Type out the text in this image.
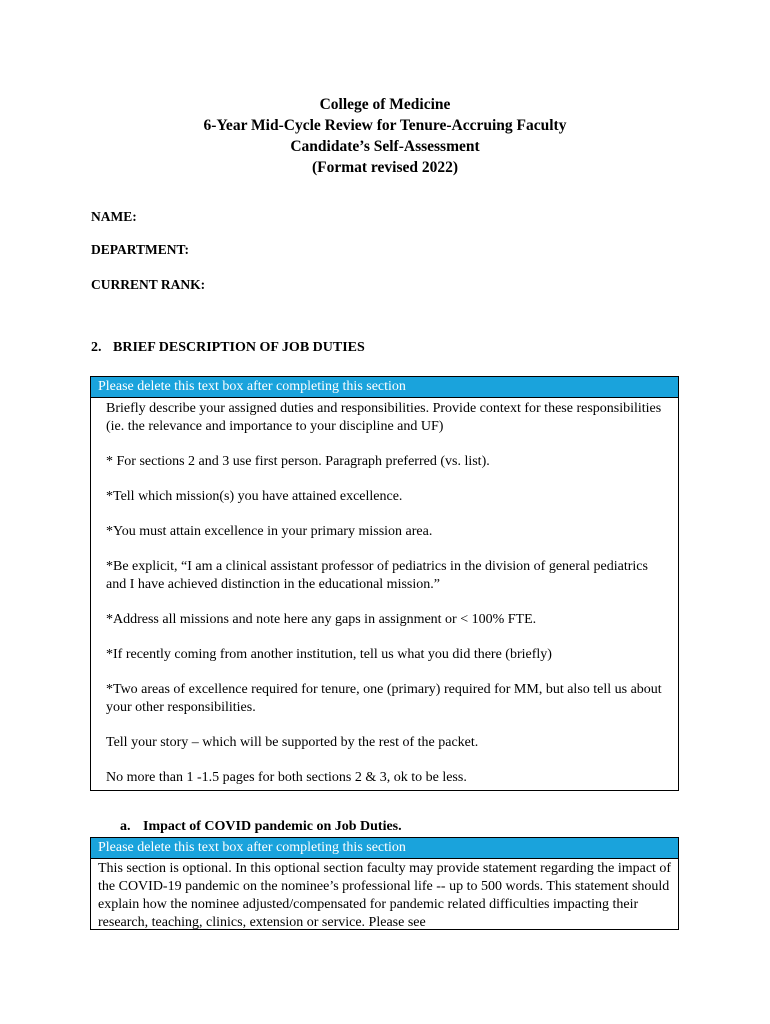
College of Medicine
6-Year Mid-Cycle Review for Tenure-Accruing Faculty
Candidate’s Self-Assessment
(Format revised 2022)
NAME:
DEPARTMENT:
CURRENT RANK:
2. BRIEF DESCRIPTION OF JOB DUTIES
Please delete this text box after completing this section

Briefly describe your assigned duties and responsibilities. Provide context for these responsibilities (ie. the relevance and importance to your discipline and UF)

* For sections 2 and 3 use first person. Paragraph preferred (vs. list).

*Tell which mission(s) you have attained excellence.

*You must attain excellence in your primary mission area.

*Be explicit, “I am a clinical assistant professor of pediatrics in the division of general pediatrics and I have achieved distinction in the educational mission.”

*Address all missions and note here any gaps in assignment or < 100% FTE.

*If recently coming from another institution, tell us what you did there (briefly)

*Two areas of excellence required for tenure, one (primary) required for MM, but also tell us about your other responsibilities.

Tell your story – which will be supported by the rest of the packet.

No more than 1 -1.5 pages for both sections 2 & 3, ok to be less.

a. Impact of COVID pandemic on Job Duties.
Please delete this text box after completing this section

This section is optional. In this optional section faculty may provide statement regarding the impact of the COVID-19 pandemic on the nominee’s professional life -- up to 500 words. This statement should explain how the nominee adjusted/compensated for pandemic related difficulties impacting their research, teaching, clinics, extension or service. Please see
